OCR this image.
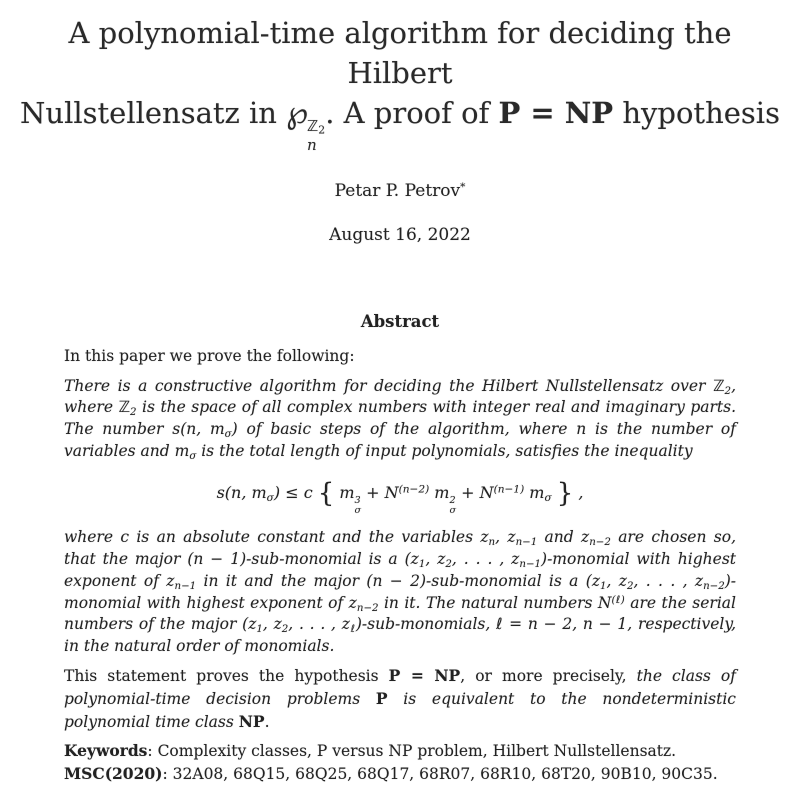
A polynomial-time algorithm for deciding the Hilbert
Nullstellensatz in ℘ ℤ2
n
. A proof of P = NP hypothesis
Petar P. Petrov*
August 16, 2022
Abstract

In this paper we prove the following:

There is a constructive algorithm for deciding the Hilbert Nullstellensatz over ℤ$_2$, where ℤ$_2$ is the space of all complex numbers with integer real and imaginary parts. The number s(n, $m_\sigma$) of basic steps of the algorithm, where n is the number of variables and $m_\sigma$ is the total length of input polynomials, satisfies the inequality

s(n, $m_\sigma) \le c$ { m 3
σ
+ $N^{(n-2)}$ m 2
σ
+ $N^{(n-1)}$ $m_\sigma$ } ,

where c is an absolute constant and the variables $z_n$, $z_{n-1}$ and $z_{n-2}$ are chosen so, that the major (n − 1)-sub-monomial is a ($z_1$, $z_2$, . . . , $z_{n-1}$)-monomial with highest exponent of $z_{n-1}$ in it and the major (n − 2)-sub-monomial is a ($z_1$, $z_2$, . . . , $z_{n-2}$)-monomial with highest exponent of $z_{n-2}$ in it. The natural numbers $N^{(\ell)}$ are the serial numbers of the major ($z_1$, $z_2$, . . . , $z_\ell)-sub$-monomials, ℓ = n − 2, n − 1, respectively, in the natural order of monomials.

This statement proves the hypothesis P = NP, or more precisely, the class of polynomial-time decision problems P is equivalent to the nondeterministic polynomial time class NP.

Keywords: Complexity classes, P versus NP problem, Hilbert Nullstellensatz.

MSC(2020): 32A08, 68Q15, 68Q25, 68Q17, 68R07, 68R10, 68T20, 90B10, 90C35.
